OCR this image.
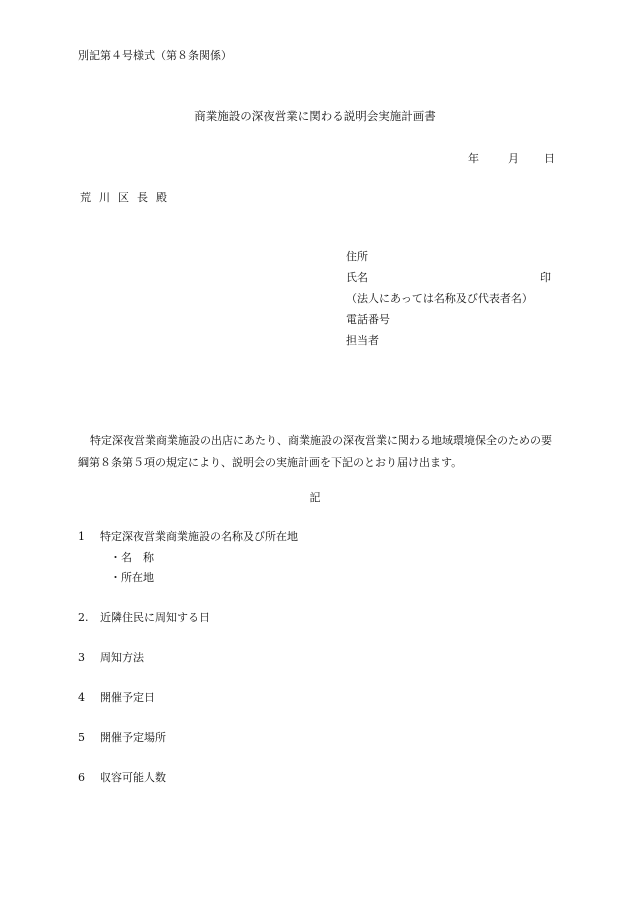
別記第４号様式（第８条関係）
商業施設の深夜営業に関わる説明会実施計画書
年	月 日
荒川区長殿
住所
氏名	印
（法人にあっては名称及び代表者名）
電話番号
担当者
特定深夜営業商業施設の出店にあたり、商業施設の深夜営業に関わる地域環境保全のための要綱第８条第５項の規定により、説明会の実施計画を下記のとおり届け出ます。
記
1 特定深夜営業商業施設の名称及び所在地
・名　称
・所在地
2. 近隣住民に周知する日
3 周知方法
4 開催予定日
5 開催予定場所
6 収容可能人数
